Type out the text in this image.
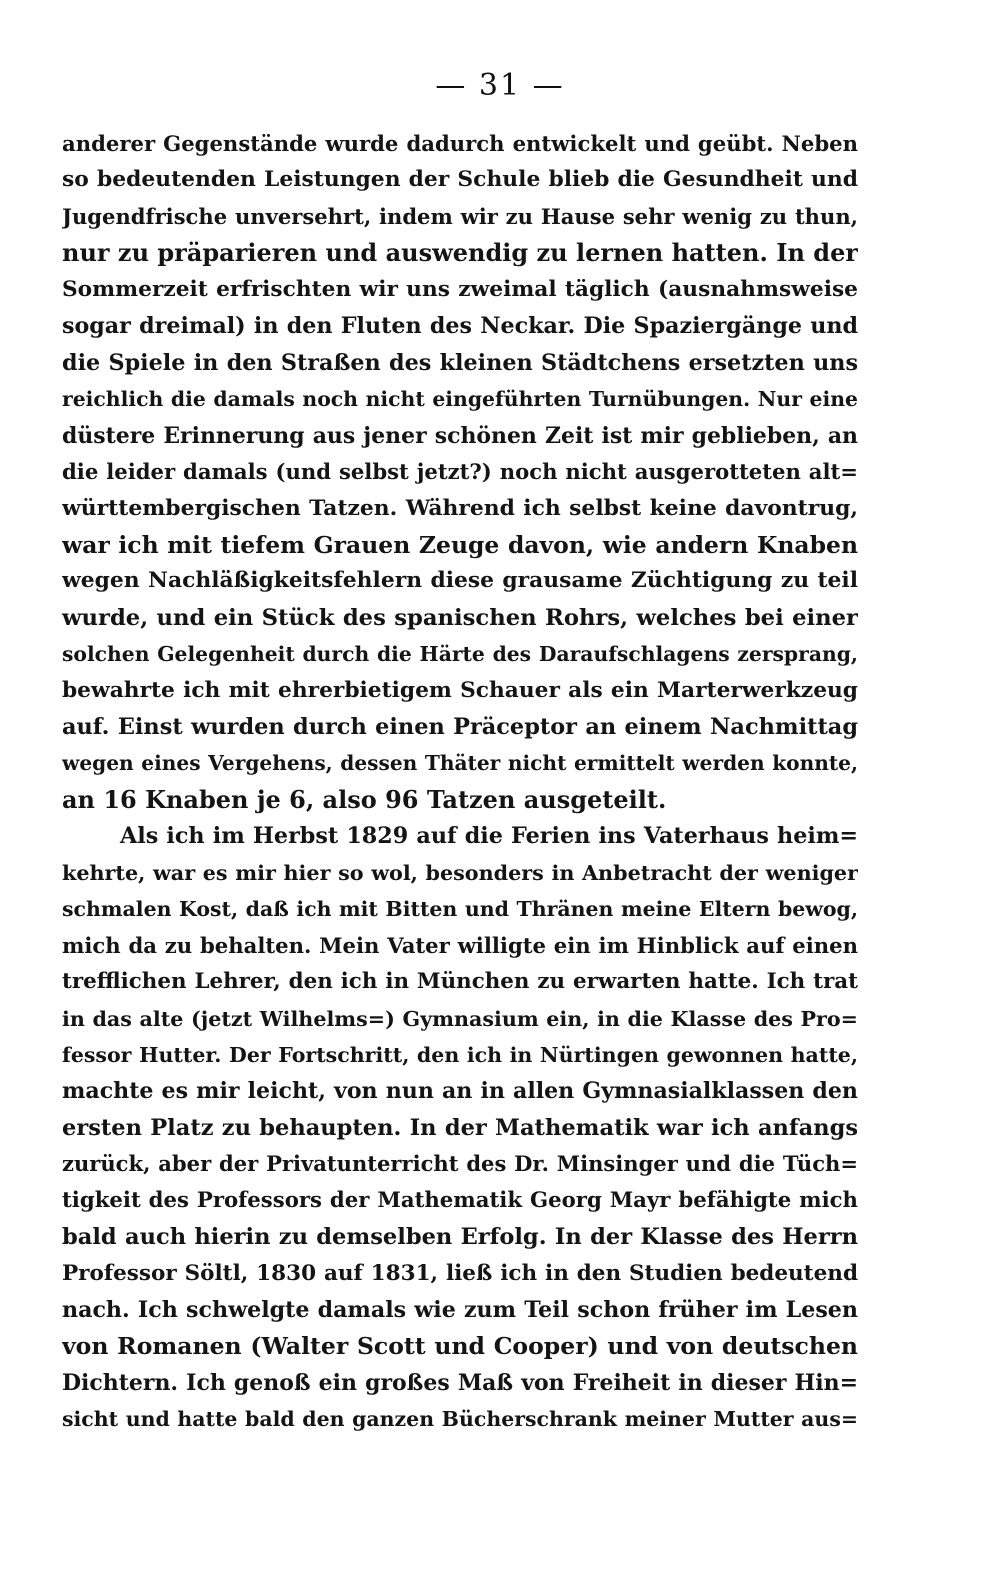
— 31 —
anderer Gegenstände wurde dadurch entwickelt und geübt. Neben
so bedeutenden Leistungen der Schule blieb die Gesundheit und
Jugendfrische unversehrt, indem wir zu Hause sehr wenig zu thun,
nur zu präparieren und auswendig zu lernen hatten. In der
Sommerzeit erfrischten wir uns zweimal täglich (ausnahmsweise
sogar dreimal) in den Fluten des Neckar. Die Spaziergänge und
die Spiele in den Straßen des kleinen Städtchens ersetzten uns
reichlich die damals noch nicht eingeführten Turnübungen. Nur eine
düstere Erinnerung aus jener schönen Zeit ist mir geblieben, an
die leider damals (und selbst jetzt?) noch nicht ausgerotteten alt=
württembergischen Tatzen. Während ich selbst keine davontrug,
war ich mit tiefem Grauen Zeuge davon, wie andern Knaben
wegen Nachläßigkeitsfehlern diese grausame Züchtigung zu teil
wurde, und ein Stück des spanischen Rohrs, welches bei einer
solchen Gelegenheit durch die Härte des Daraufschlagens zersprang,
bewahrte ich mit ehrerbietigem Schauer als ein Marterwerkzeug
auf. Einst wurden durch einen Präceptor an einem Nachmittag
wegen eines Vergehens, dessen Thäter nicht ermittelt werden konnte,
an 16 Knaben je 6, also 96 Tatzen ausgeteilt.
Als ich im Herbst 1829 auf die Ferien ins Vaterhaus heim=
kehrte, war es mir hier so wol, besonders in Anbetracht der weniger
schmalen Kost, daß ich mit Bitten und Thränen meine Eltern bewog,
mich da zu behalten. Mein Vater willigte ein im Hinblick auf einen
trefflichen Lehrer, den ich in München zu erwarten hatte. Ich trat
in das alte (jetzt Wilhelms=) Gymnasium ein, in die Klasse des Pro=
fessor Hutter. Der Fortschritt, den ich in Nürtingen gewonnen hatte,
machte es mir leicht, von nun an in allen Gymnasialklassen den
ersten Platz zu behaupten. In der Mathematik war ich anfangs
zurück, aber der Privatunterricht des Dr. Minsinger und die Tüch=
tigkeit des Professors der Mathematik Georg Mayr befähigte mich
bald auch hierin zu demselben Erfolg. In der Klasse des Herrn
Professor Söltl, 1830 auf 1831, ließ ich in den Studien bedeutend
nach. Ich schwelgte damals wie zum Teil schon früher im Lesen
von Romanen (Walter Scott und Cooper) und von deutschen
Dichtern. Ich genoß ein großes Maß von Freiheit in dieser Hin=
sicht und hatte bald den ganzen Bücherschrank meiner Mutter aus=
